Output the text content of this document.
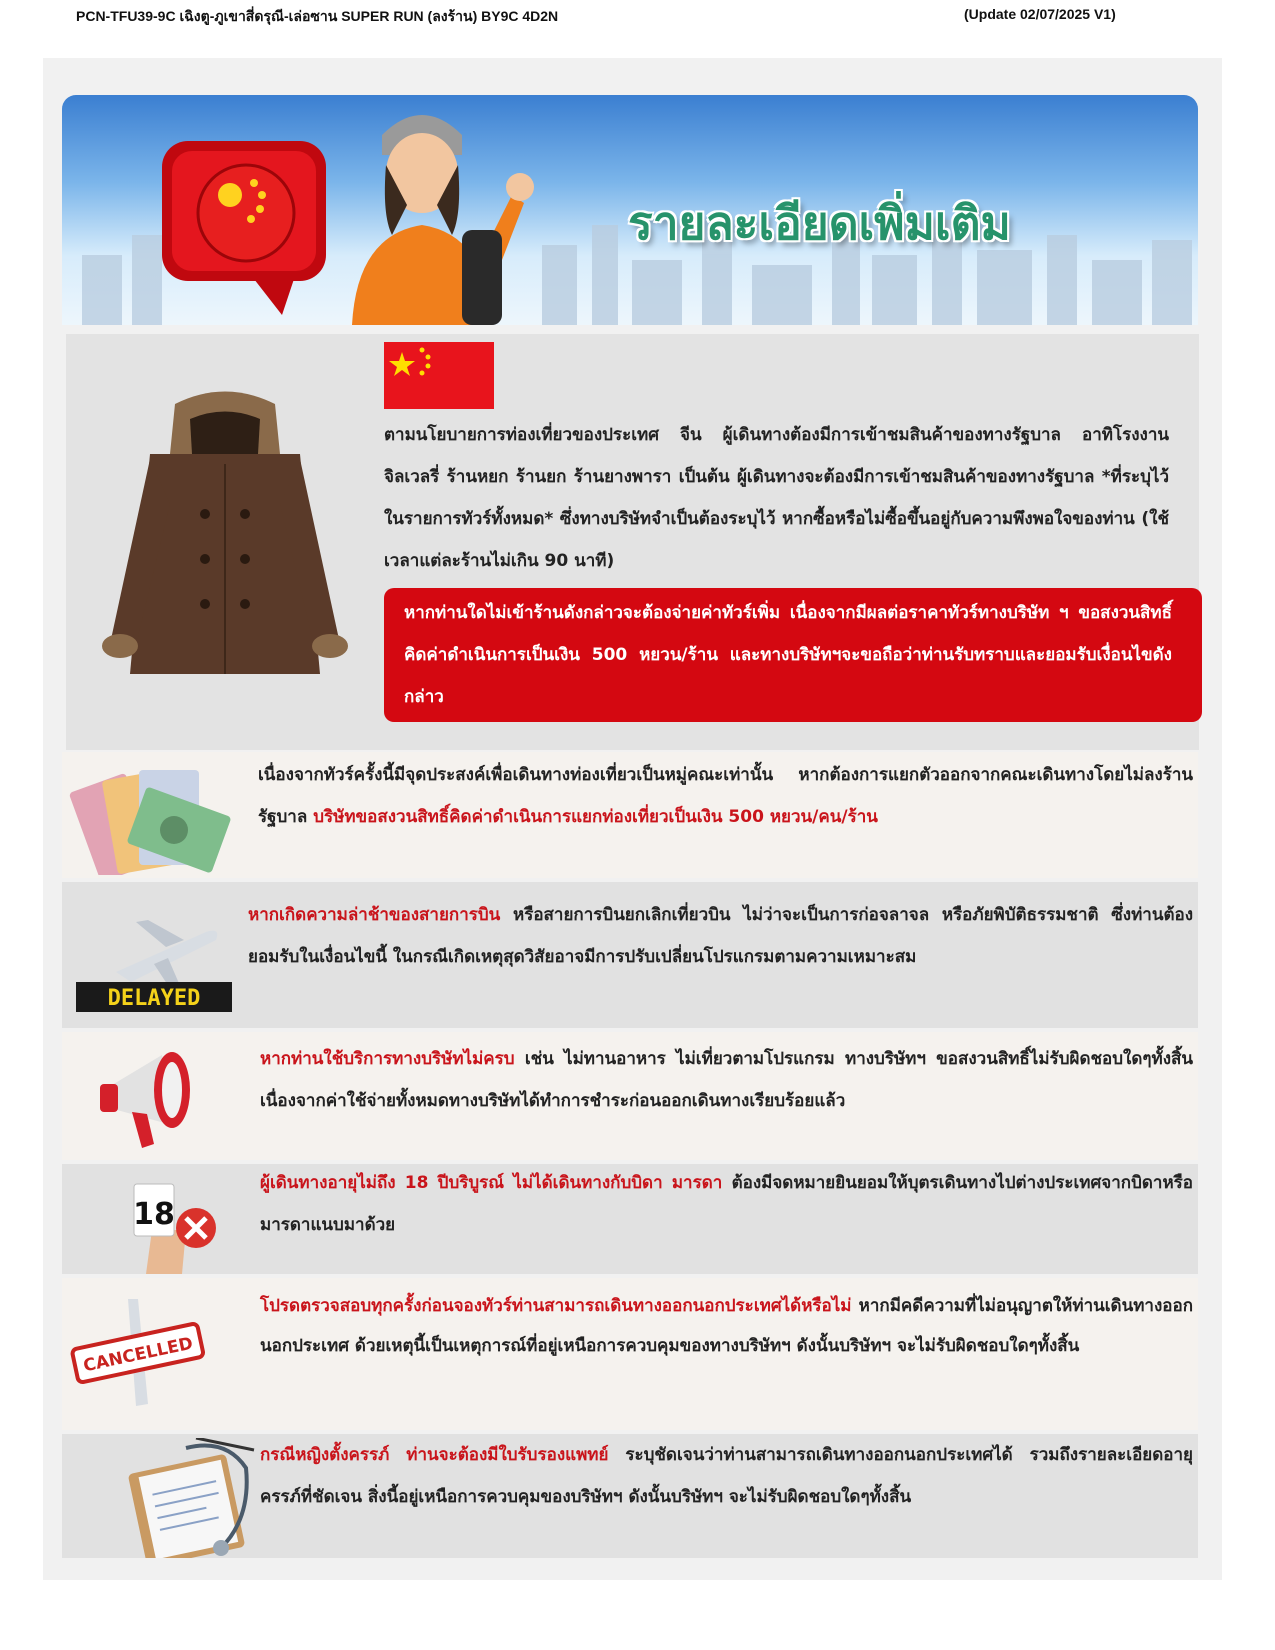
PCN-TFU39-9C เฉิงตู-ภูเขาสี่ดรุณี-เล่อซาน SUPER RUN (ลงร้าน) BY9C 4D2N	(Update 02/07/2025 V1)
รายละเอียดเพิ่มเติม
ตามนโยบายการท่องเที่ยวของประเทศ จีน ผู้เดินทางต้องมีการเข้าชมสินค้าของทางรัฐบาล อาทิโรงงานจิลเวลรี่ ร้านหยก ร้านยก ร้านยางพารา เป็นต้น ผู้เดินทางจะต้องมีการเข้าชมสินค้าของทางรัฐบาล *ที่ระบุไว้ในรายการทัวร์ทั้งหมด* ซึ่งทางบริษัทจำเป็นต้องระบุไว้ หากซื้อหรือไม่ซื้อขึ้นอยู่กับความพึงพอใจของท่าน (ใช้เวลาแต่ละร้านไม่เกิน 90 นาที)
หากท่านใดไม่เข้าร้านดังกล่าวจะต้องจ่ายค่าทัวร์เพิ่ม เนื่องจากมีผลต่อราคาทัวร์ทางบริษัท ฯ ขอสงวนสิทธิ์ คิดค่าดำเนินการเป็นเงิน 500 หยวน/ร้าน และทางบริษัทฯจะขอถือว่าท่านรับทราบและยอมรับเงื่อนไขดังกล่าว
เนื่องจากทัวร์ครั้งนี้มีจุดประสงค์เพื่อเดินทางท่องเที่ยวเป็นหมู่คณะเท่านั้น หากต้องการแยกตัวออกจากคณะเดินทางโดยไม่ลงร้านรัฐบาล บริษัทขอสงวนสิทธิ์คิดค่าดำเนินการแยกท่องเที่ยวเป็นเงิน 500 หยวน/คน/ร้าน
DELAYED
หากเกิดความล่าช้าของสายการบิน หรือสายการบินยกเลิกเที่ยวบิน ไม่ว่าจะเป็นการก่อจลาจล หรือภัยพิบัติธรรมชาติ ซึ่งท่านต้องยอมรับในเงื่อนไขนี้ ในกรณีเกิดเหตุสุดวิสัยอาจมีการปรับเปลี่ยนโปรแกรมตามความเหมาะสม
หากท่านใช้บริการทางบริษัทไม่ครบ เช่น ไม่ทานอาหาร ไม่เที่ยวตามโปรแกรม ทางบริษัทฯ ขอสงวนสิทธิ์ไม่รับผิดชอบใดๆทั้งสิ้น เนื่องจากค่าใช้จ่ายทั้งหมดทางบริษัทได้ทำการชำระก่อนออกเดินทางเรียบร้อยแล้ว
18
ผู้เดินทางอายุไม่ถึง 18 ปีบริบูรณ์ ไม่ได้เดินทางกับบิดา มารดา ต้องมีจดหมายยินยอมให้บุตรเดินทางไปต่างประเทศจากบิดาหรือมารดาแนบมาด้วย
CANCELLED
โปรดตรวจสอบทุกครั้งก่อนจองทัวร์ท่านสามารถเดินทางออกนอกประเทศได้หรือไม่ หากมีคดีความที่ไม่อนุญาตให้ท่านเดินทางออกนอกประเทศ ด้วยเหตุนี้เป็นเหตุการณ์ที่อยู่เหนือการควบคุมของทางบริษัทฯ ดังนั้นบริษัทฯ จะไม่รับผิดชอบใดๆทั้งสิ้น
กรณีหญิงตั้งครรภ์ ท่านจะต้องมีใบรับรองแพทย์ ระบุชัดเจนว่าท่านสามารถเดินทางออกนอกประเทศได้ รวมถึงรายละเอียดอายุครรภ์ที่ชัดเจน สิ่งนี้อยู่เหนือการควบคุมของบริษัทฯ ดังนั้นบริษัทฯ จะไม่รับผิดชอบใดๆทั้งสิ้น
